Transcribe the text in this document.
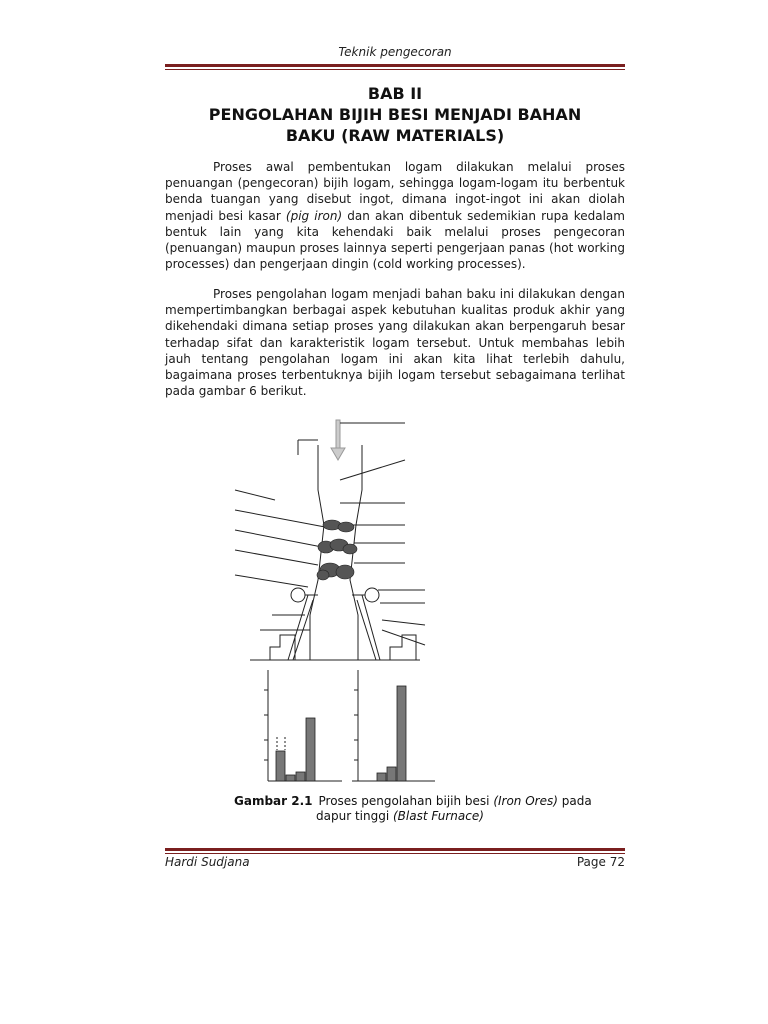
Teknik pengecoran
BAB II
PENGOLAHAN BIJIH BESI MENJADI BAHAN
BAKU (RAW MATERIALS)

Proses awal pembentukan logam dilakukan melalui proses penuangan (pengecoran) bijih logam, sehingga logam-logam itu berbentuk benda tuangan yang disebut ingot, dimana ingot-ingot ini akan diolah menjadi besi kasar (pig iron) dan akan dibentuk sedemikian rupa kedalam bentuk lain yang kita kehendaki baik melalui proses pengecoran (penuangan) maupun proses lainnya seperti pengerjaan panas (hot working processes) dan pengerjaan dingin (cold working processes).

Proses pengolahan logam menjadi bahan baku ini dilakukan dengan mempertimbangkan berbagai aspek kebutuhan kualitas produk akhir yang dikehendaki dimana setiap proses yang dilakukan akan berpengaruh besar terhadap sifat dan karakteristik logam tersebut. Untuk membahas lebih jauh tentang pengolahan logam ini akan kita lihat terlebih dahulu, bagaimana proses terbentuknya bijih logam tersebut sebagaimana terlihat pada gambar 6 berikut.

Gambar 2.1 Proses pengolahan bijih besi (Iron Ores) pada
dapur tinggi (Blast Furnace)
Hardi Sudjana	Page 72
